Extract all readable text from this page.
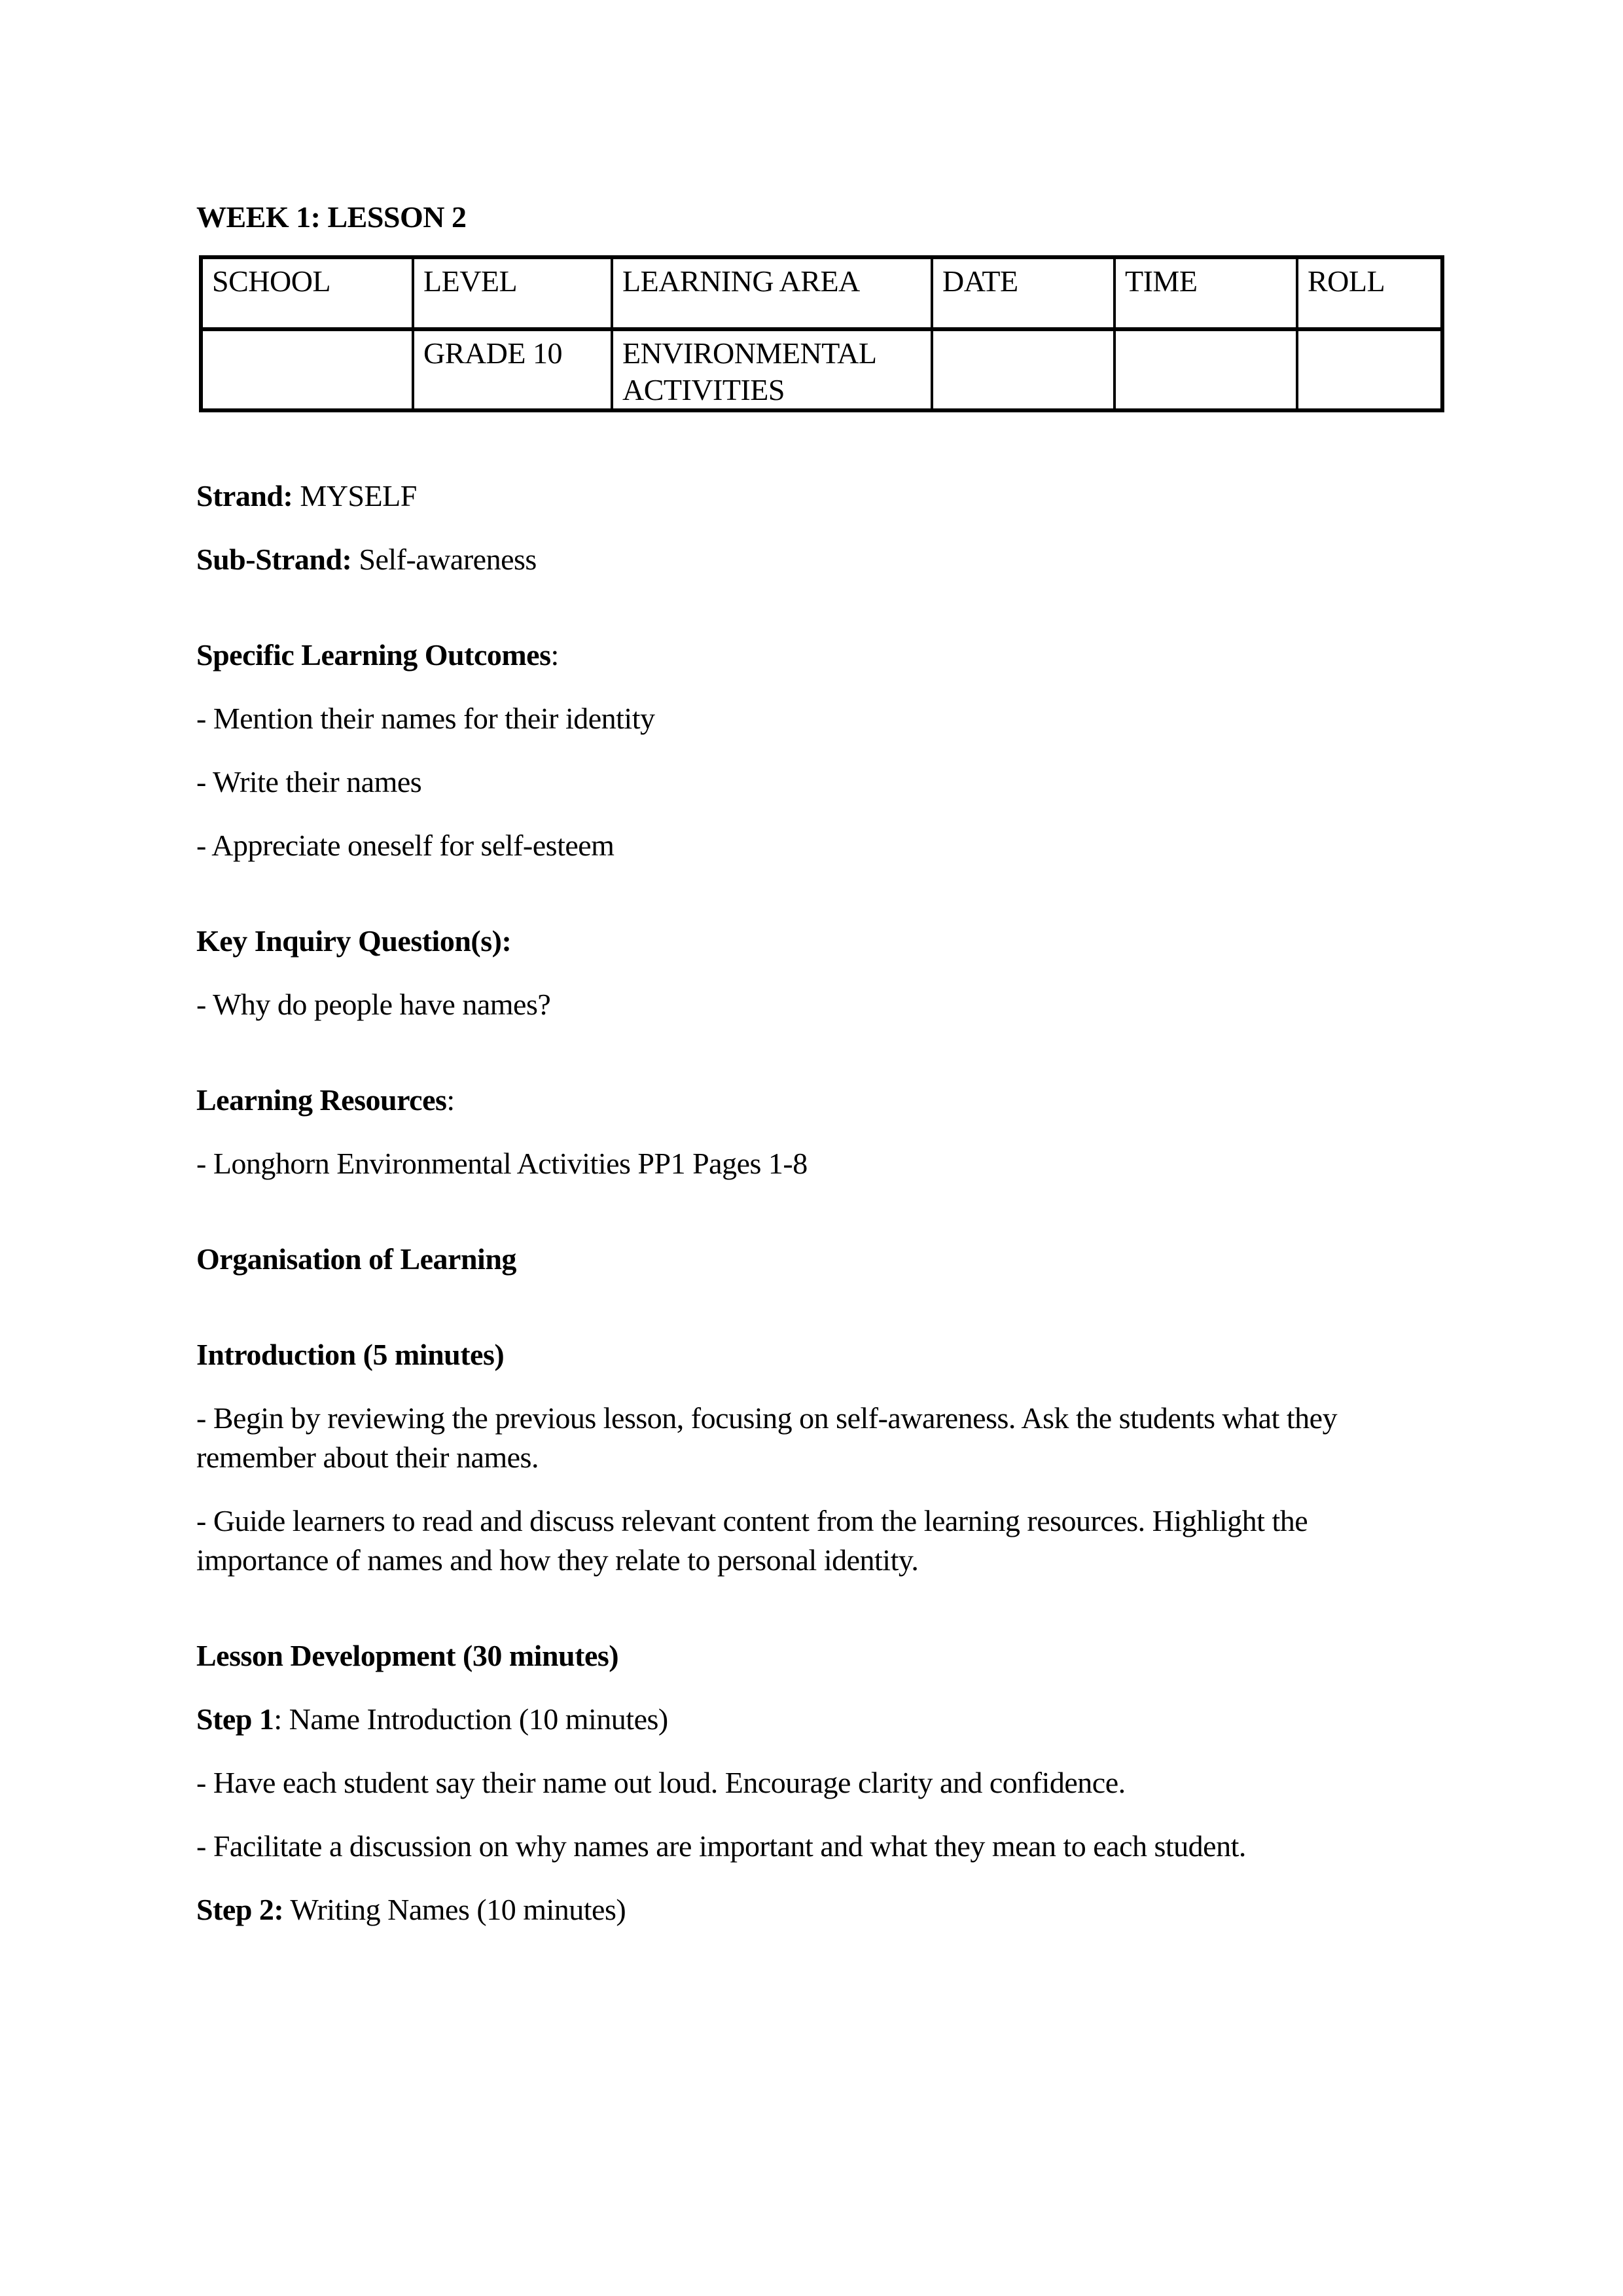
WEEK 1: LESSON 2
SCHOOL	LEVEL	LEARNING AREA	DATE	TIME	ROLL
	GRADE 10	ENVIRONMENTAL ACTIVITIES			
Strand: MYSELF
Sub-Strand: Self-awareness
Specific Learning Outcomes:
- Mention their names for their identity
- Write their names
- Appreciate oneself for self-esteem
Key Inquiry Question(s):
- Why do people have names?
Learning Resources:
- Longhorn Environmental Activities PP1 Pages 1-8
Organisation of Learning
Introduction (5 minutes)
- Begin by reviewing the previous lesson, focusing on self-awareness. Ask the students what they remember about their names.
- Guide learners to read and discuss relevant content from the learning resources. Highlight the importance of names and how they relate to personal identity.
Lesson Development (30 minutes)
Step 1: Name Introduction (10 minutes)
- Have each student say their name out loud. Encourage clarity and confidence.
- Facilitate a discussion on why names are important and what they mean to each student.
Step 2: Writing Names (10 minutes)
